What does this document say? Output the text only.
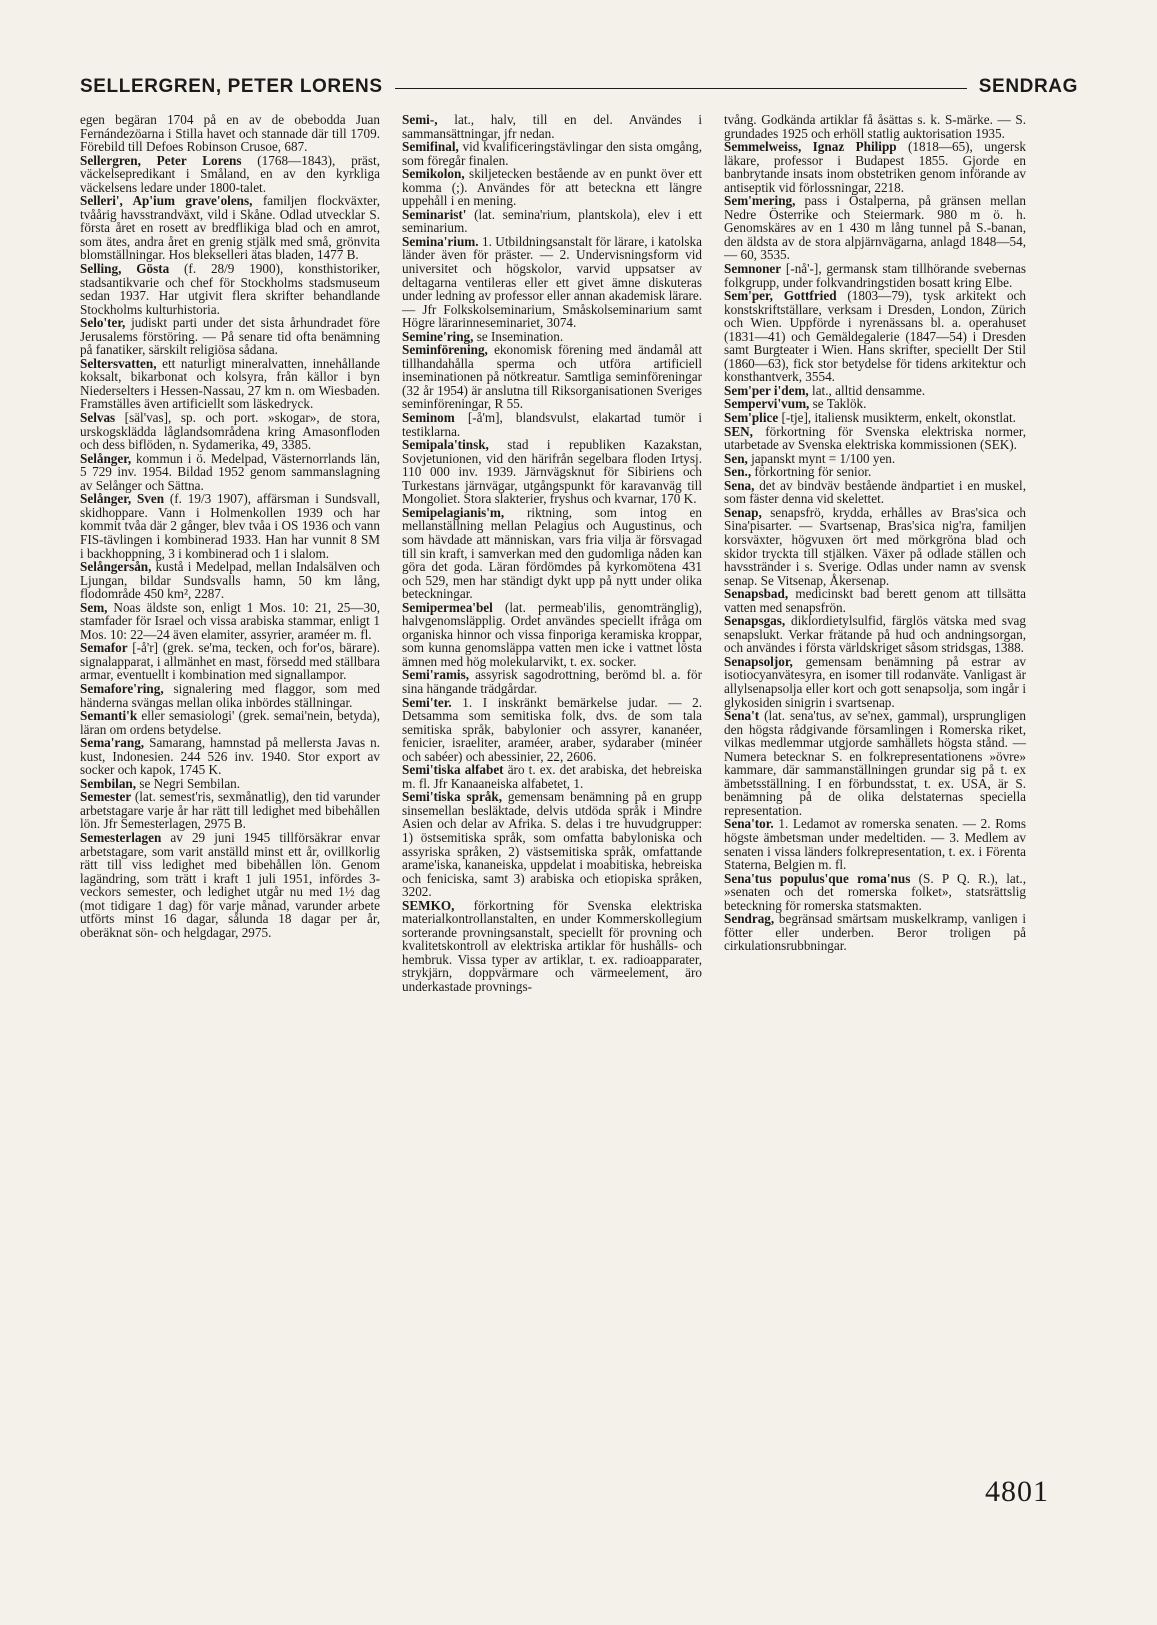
SELLERGREN, PETER LORENS	SENDRAG

egen begäran 1704 på en av de obebodda Juan Fernándezöarna i Stilla havet och stannade där till 1709. Förebild till Defoes Robinson Crusoe, 687.

Sellergren, Peter Lorens (1768—1843), präst, väckelsepredikant i Småland, en av den kyrkliga väckelsens ledare under 1800-talet.

Selleri', Ap'ium grave'olens, familjen flockväxter, tvåårig havsstrandväxt, vild i Skåne. Odlad utvecklar S. första året en rosett av bredflikiga blad och en amrot, som ätes, andra året en grenig stjälk med små, grönvita blomställningar. Hos blekselleri ätas bladen, 1477 B.

Selling, Gösta (f. 28/9 1900), konsthistoriker, stadsantikvarie och chef för Stockholms stadsmuseum sedan 1937. Har utgivit flera skrifter behandlande Stockholms kulturhistoria.

Selo'ter, judiskt parti under det sista århundradet före Jerusalems förstöring. — På senare tid ofta benämning på fanatiker, särskilt religiösa sådana.

Seltersvatten, ett naturligt mineralvatten, innehållande koksalt, bikarbonat och kolsyra, från källor i byn Niederselters i Hessen-Nassau, 27 km n. om Wiesbaden. Framställes även artificiellt som läskedryck.

Selvas [säl'vas], sp. och port. »skogar», de stora, urskogsklädda låglandsområdena kring Amasonfloden och dess biflöden, n. Sydamerika, 49, 3385.

Selånger, kommun i ö. Medelpad, Västernorrlands län, 5 729 inv. 1954. Bildad 1952 genom sammanslagning av Selånger och Sättna.

Selånger, Sven (f. 19/3 1907), affärsman i Sundsvall, skidhoppare. Vann i Holmenkollen 1939 och har kommit tvåa där 2 gånger, blev tvåa i OS 1936 och vann FIS-tävlingen i kombinerad 1933. Han har vunnit 8 SM i backhoppning, 3 i kombinerad och 1 i slalom.

Selångersån, kustå i Medelpad, mellan Indalsälven och Ljungan, bildar Sundsvalls hamn, 50 km lång, flodområde 450 km², 2287.

Sem, Noas äldste son, enligt 1 Mos. 10: 21, 25—30, stamfader för Israel och vissa arabiska stammar, enligt 1 Mos. 10: 22—24 även elamiter, assyrier, araméer m. fl.

Semafor [-å'r] (grek. se'ma, tecken, och for'os, bärare). signalapparat, i allmänhet en mast, försedd med ställbara armar, eventuellt i kombination med signallampor.

Semafore'ring, signalering med flaggor, som med händerna svängas mellan olika inbördes ställningar.

Semanti'k eller semasiologi' (grek. semai'nein, betyda), läran om ordens betydelse.

Sema'rang, Samarang, hamnstad på mellersta Javas n. kust, Indonesien. 244 526 inv. 1940. Stor export av socker och kapok, 1745 K.

Sembilan, se Negri Sembilan.

Semester (lat. semest'ris, sexmånatlig), den tid varunder arbetstagare varje år har rätt till ledighet med bibehållen lön. Jfr Semesterlagen, 2975 B.

Semesterlagen av 29 juni 1945 tillförsäkrar envar arbetstagare, som varit anställd minst ett år, ovillkorlig rätt till viss ledighet med bibehållen lön. Genom lagändring, som trätt i kraft 1 juli 1951, infördes 3-veckors semester, och ledighet utgår nu med 1½ dag (mot tidigare 1 dag) för varje månad, varunder arbete utförts minst 16 dagar, sålunda 18 dagar per år, oberäknat sön- och helgdagar, 2975.

Semi-, lat., halv, till en del. Användes i sammansättningar, jfr nedan.

Semifinal, vid kvalificeringstävlingar den sista omgång, som föregår finalen.

Semikolon, skiljetecken bestående av en punkt över ett komma (;). Användes för att beteckna ett längre uppehåll i en mening.

Seminarist' (lat. semina'rium, plantskola), elev i ett seminarium.

Semina'rium. 1. Utbildningsanstalt för lärare, i katolska länder även för präster. — 2. Undervisningsform vid universitet och högskolor, varvid uppsatser av deltagarna ventileras eller ett givet ämne diskuteras under ledning av professor eller annan akademisk lärare. — Jfr Folkskolseminarium, Småskolseminarium samt Högre lärarinneseminariet, 3074.

Semine'ring, se Insemination.

Seminförening, ekonomisk förening med ändamål att tillhandahålla sperma och utföra artificiell inseminationen på nötkreatur. Samtliga seminföreningar (32 år 1954) är anslutna till Riksorganisationen Sveriges seminföreningar, R 55.

Seminom [-å'm], blandsvulst, elakartad tumör i testiklarna.

Semipala'tinsk, stad i republiken Kazakstan, Sovjetunionen, vid den härifrån segelbara floden Irtysj. 110 000 inv. 1939. Järnvägsknut för Sibiriens och Turkestans järnvägar, utgångspunkt för karavanväg till Mongoliet. Stora slakterier, fryshus och kvarnar, 170 K.

Semipelagianis'm, riktning, som intog en mellanställning mellan Pelagius och Augustinus, och som hävdade att människan, vars fria vilja är försvagad till sin kraft, i samverkan med den gudomliga nåden kan göra det goda. Läran fördömdes på kyrkomötena 431 och 529, men har ständigt dykt upp på nytt under olika beteckningar.

Semipermea'bel (lat. permeab'ilis, genomtränglig), halvgenomsläpplig. Ordet användes speciellt ifråga om organiska hinnor och vissa finporiga keramiska kroppar, som kunna genomsläppa vatten men icke i vattnet lösta ämnen med hög molekularvikt, t. ex. socker.

Semi'ramis, assyrisk sagodrottning, berömd bl. a. för sina hängande trädgårdar.

Semi'ter. 1. I inskränkt bemärkelse judar. — 2. Detsamma som semitiska folk, dvs. de som tala semitiska språk, babylonier och assyrer, kananéer, fenicier, israeliter, araméer, araber, sydaraber (minéer och sabéer) och abessinier, 22, 2606.

Semi'tiska alfabet äro t. ex. det arabiska, det hebreiska m. fl. Jfr Kanaaneiska alfabetet, 1.

Semi'tiska språk, gemensam benämning på en grupp sinsemellan besläktade, delvis utdöda språk i Mindre Asien och delar av Afrika. S. delas i tre huvudgrupper: 1) östsemitiska språk, som omfatta babyloniska och assyriska språken, 2) västsemitiska språk, omfattande arame'iska, kananeiska, uppdelat i moabitiska, hebreiska och feniciska, samt 3) arabiska och etiopiska språken, 3202.

SEMKO, förkortning för Svenska elektriska materialkontrollanstalten, en under Kommerskollegium sorterande provningsanstalt, speciellt för provning och kvalitetskontroll av elektriska artiklar för hushålls- och hembruk. Vissa typer av artiklar, t. ex. radioapparater, strykjärn, doppvärmare och värmeelement, äro underkastade provnings-

tvång. Godkända artiklar få åsättas s. k. S-märke. — S. grundades 1925 och erhöll statlig auktorisation 1935.

Semmelweiss, Ignaz Philipp (1818—65), ungersk läkare, professor i Budapest 1855. Gjorde en banbrytande insats inom obstetriken genom införande av antiseptik vid förlossningar, 2218.

Sem'mering, pass i Östalperna, på gränsen mellan Nedre Österrike och Steiermark. 980 m ö. h. Genomskäres av en 1 430 m lång tunnel på S.-banan, den äldsta av de stora alpjärnvägarna, anlagd 1848—54, — 60, 3535.

Semnoner [-nå'-], germansk stam tillhörande svebernas folkgrupp, under folkvandringstiden bosatt kring Elbe.

Sem'per, Gottfried (1803—79), tysk arkitekt och konstskriftställare, verksam i Dresden, London, Zürich och Wien. Uppförde i nyrenässans bl. a. operahuset (1831—41) och Gemäldegalerie (1847—54) i Dresden samt Burgteater i Wien. Hans skrifter, speciellt Der Stil (1860—63), fick stor betydelse för tidens arkitektur och konsthantverk, 3554.

Sem'per i'dem, lat., alltid densamme.

Sempervi'vum, se Taklök.

Sem'plice [-tje], italiensk musikterm, enkelt, okonstlat.

SEN, förkortning för Svenska elektriska normer, utarbetade av Svenska elektriska kommissionen (SEK).

Sen, japanskt mynt = 1/100 yen.

Sen., förkortning för senior.

Sena, det av bindväv bestående ändpartiet i en muskel, som fäster denna vid skelettet.

Senap, senapsfrö, krydda, erhålles av Bras'sica och Sina'pisarter. — Svartsenap, Bras'sica nig'ra, familjen korsväxter, högvuxen ört med mörkgröna blad och skidor tryckta till stjälken. Växer på odlade ställen och havsstränder i s. Sverige. Odlas under namn av svensk senap. Se Vitsenap, Åkersenap.

Senapsbad, medicinskt bad berett genom att tillsätta vatten med senapsfrön.

Senapsgas, diklordietylsulfid, färglös vätska med svag senapslukt. Verkar frätande på hud och andningsorgan, och användes i första världskriget såsom stridsgas, 1388.

Senapsoljor, gemensam benämning på estrar av isotiocyanvätesyra, en isomer till rodanväte. Vanligast är allylsenapsolja eller kort och gott senapsolja, som ingår i glykosiden sinigrin i svartsenap.

Sena't (lat. sena'tus, av se'nex, gammal), ursprungligen den högsta rådgivande församlingen i Romerska riket, vilkas medlemmar utgjorde samhällets högsta stånd. — Numera betecknar S. en folkrepresentationens »övre» kammare, där sammanställningen grundar sig på t. ex ämbetsställning. I en förbundsstat, t. ex. USA, är S. benämning på de olika delstaternas speciella representation.

Sena'tor. 1. Ledamot av romerska senaten. — 2. Roms högste ämbetsman under medeltiden. — 3. Medlem av senaten i vissa länders folkrepresentation, t. ex. i Förenta Staterna, Belgien m. fl.

Sena'tus populus'que roma'nus (S. P Q. R.), lat., »senaten och det romerska folket», statsrättslig beteckning för romerska statsmakten.

Sendrag, begränsad smärtsam muskelkramp, vanligen i fötter eller underben. Beror troligen på cirkulationsrubbningar.

4801
